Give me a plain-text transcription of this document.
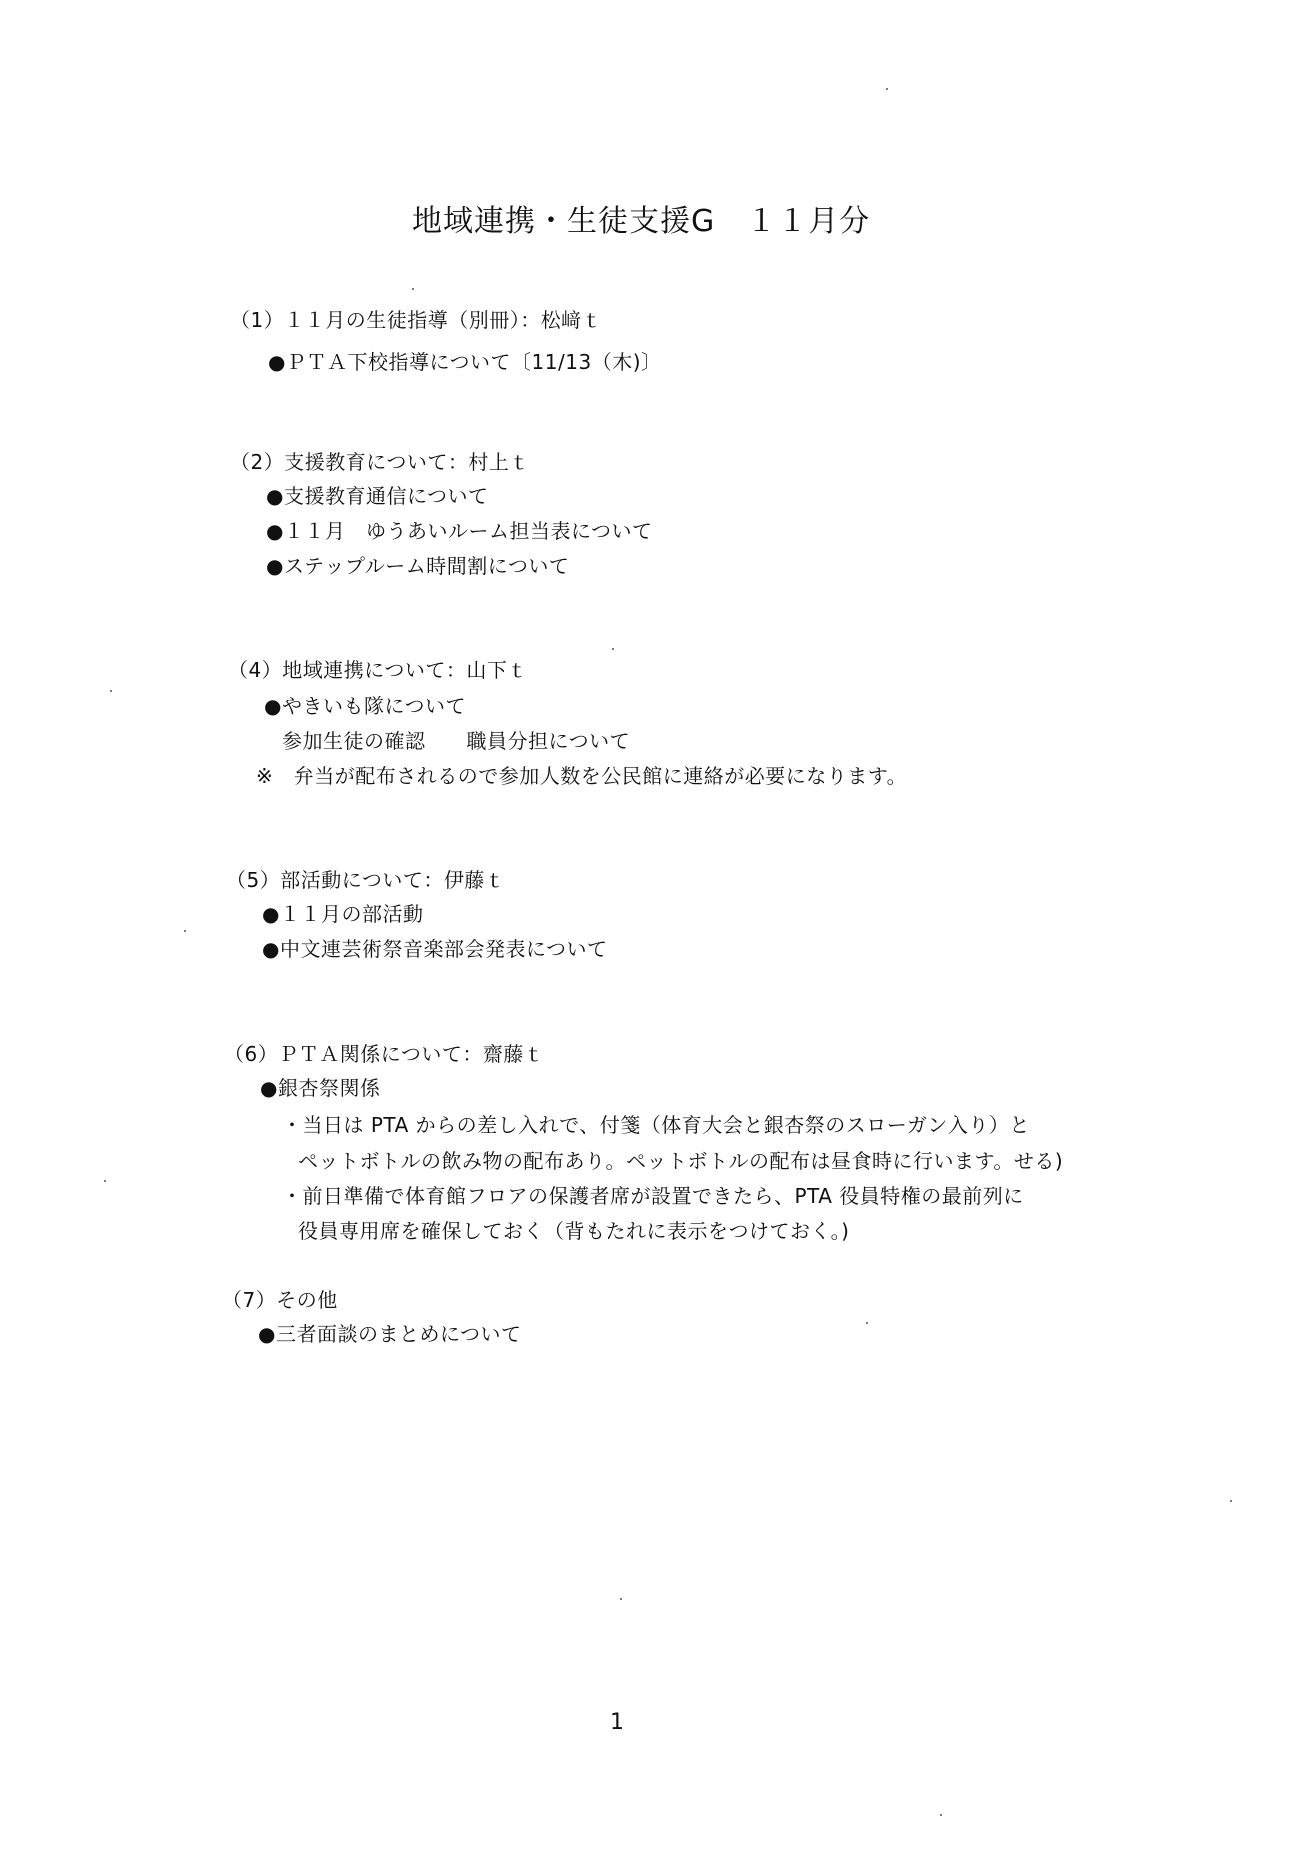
地域連携・生徒支援G　１１月分
（1）１１月の生徒指導（別冊）：松﨑ｔ
●ＰＴＡ下校指導について〔11/13（木)〕
（2）支援教育について：村上ｔ
●支援教育通信について
●１１月　ゆうあいルーム担当表について
●ステップルーム時間割について
（4）地域連携について：山下ｔ
●やきいも隊について
参加生徒の確認　　職員分担について
※　弁当が配布されるので参加人数を公民館に連絡が必要になります。
（5）部活動について：伊藤ｔ
●１１月の部活動
●中文連芸術祭音楽部会発表について
（6）ＰＴＡ関係について：齋藤ｔ
●銀杏祭関係
・当日は PTA からの差し入れで、付箋（体育大会と銀杏祭のスローガン入り）と
ペットボトルの飲み物の配布あり。ペットボトルの配布は昼食時に行います。せる)
・前日準備で体育館フロアの保護者席が設置できたら、PTA 役員特権の最前列に
役員専用席を確保しておく（背もたれに表示をつけておく。)
（7）その他
●三者面談のまとめについて
1
